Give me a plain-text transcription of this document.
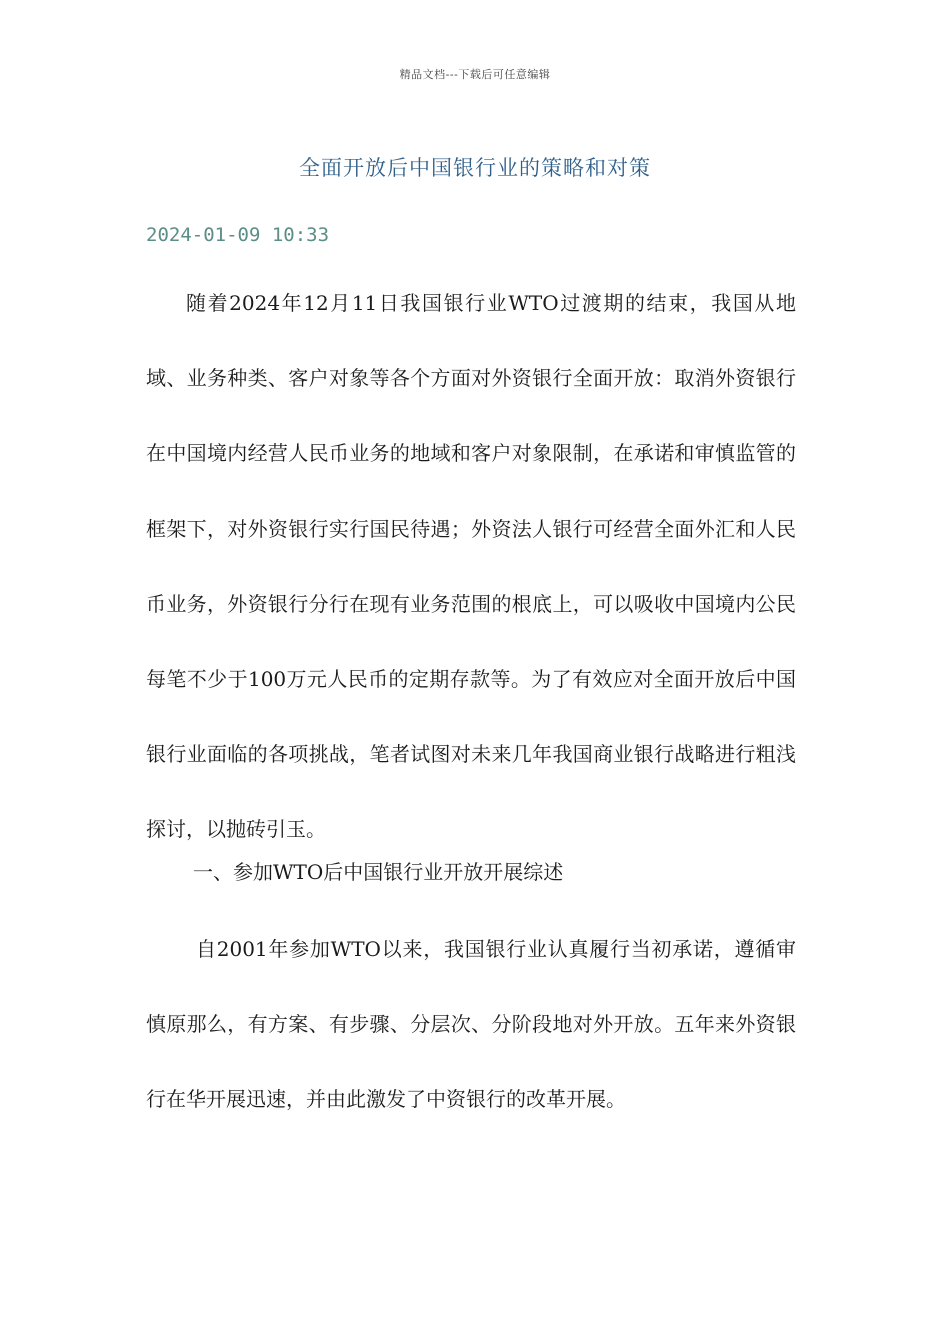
精品文档---下载后可任意编辑
全面开放后中国银行业的策略和对策
2024-01-09 10:33
随着2024年12月11日我国银行业WTO过渡期的结束，我国从地域、业务种类、客户对象等各个方面对外资银行全面开放：取消外资银行在中国境内经营人民币业务的地域和客户对象限制，在承诺和审慎监管的框架下，对外资银行实行国民待遇；外资法人银行可经营全面外汇和人民币业务，外资银行分行在现有业务范围的根底上，可以吸收中国境内公民每笔不少于100万元人民币的定期存款等。为了有效应对全面开放后中国银行业面临的各项挑战，笔者试图对未来几年我国商业银行战略进行粗浅探讨，以抛砖引玉。
一、参加WTO后中国银行业开放开展综述
自2001年参加WTO以来，我国银行业认真履行当初承诺，遵循审慎原那么，有方案、有步骤、分层次、分阶段地对外开放。五年来外资银行在华开展迅速，并由此激发了中资银行的改革开展。
